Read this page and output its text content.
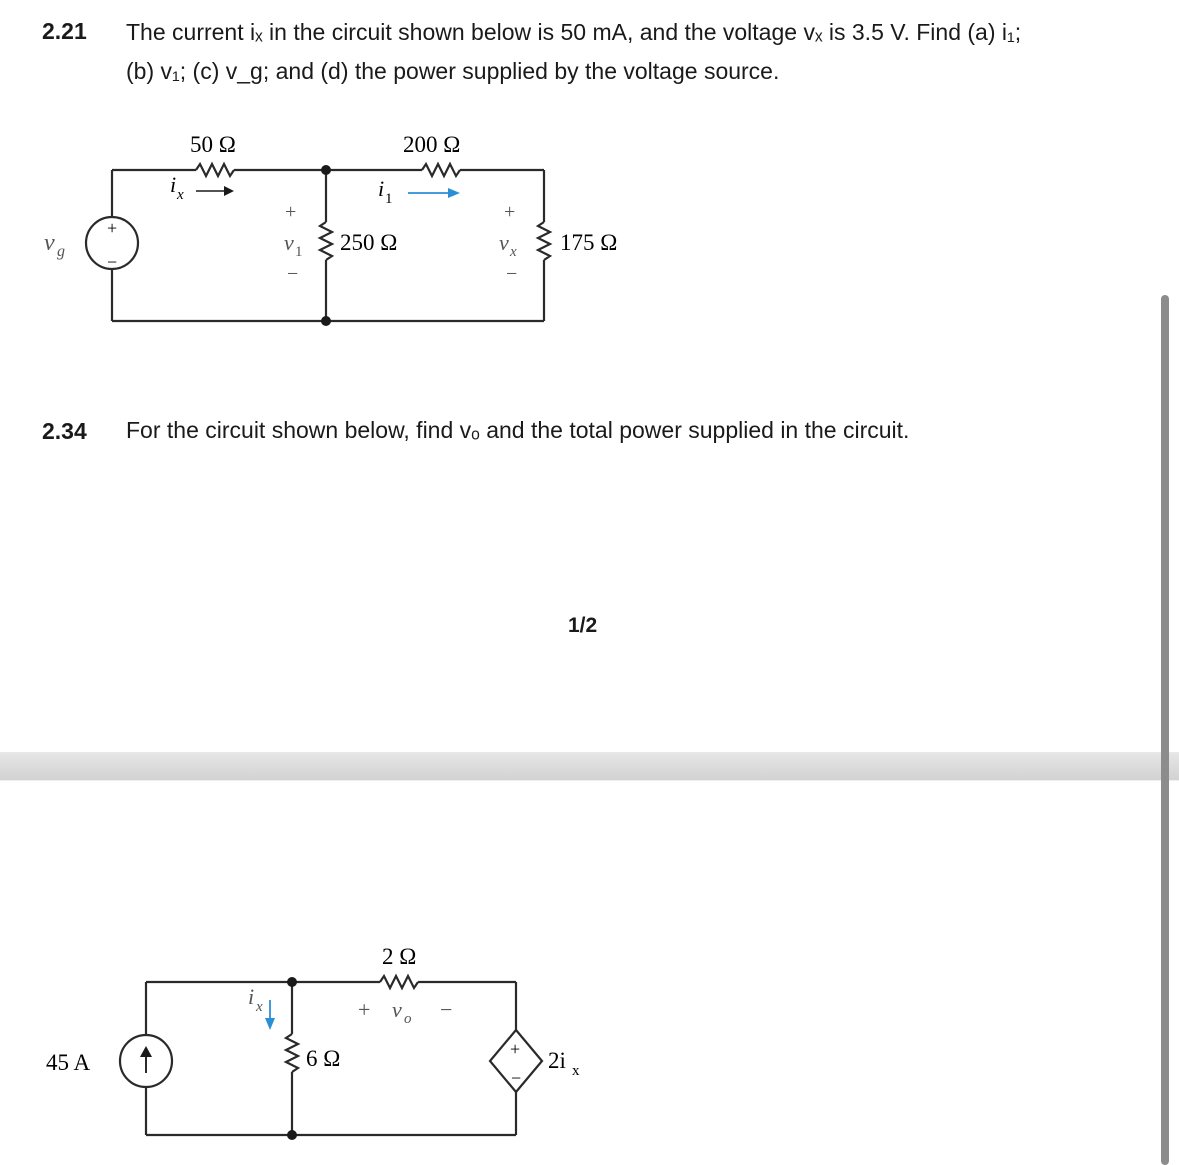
2.21 The current iₓ in the circuit shown below is 50 mA, and the voltage vₓ is 3.5 V. Find (a) i₁;
(b) v₁; (c) v_g; and (d) the power supplied by the voltage source.
50 Ω	200 Ω
250 Ω	175 Ω
v g
+
−
i x	i 1
+
v 1
−
+
v x
−
2.34 For the circuit shown below, find vₒ and the total power supplied in the circuit.
1/2
45 A
2 Ω
6 Ω
i x	+ v o −
+
−
2i x
